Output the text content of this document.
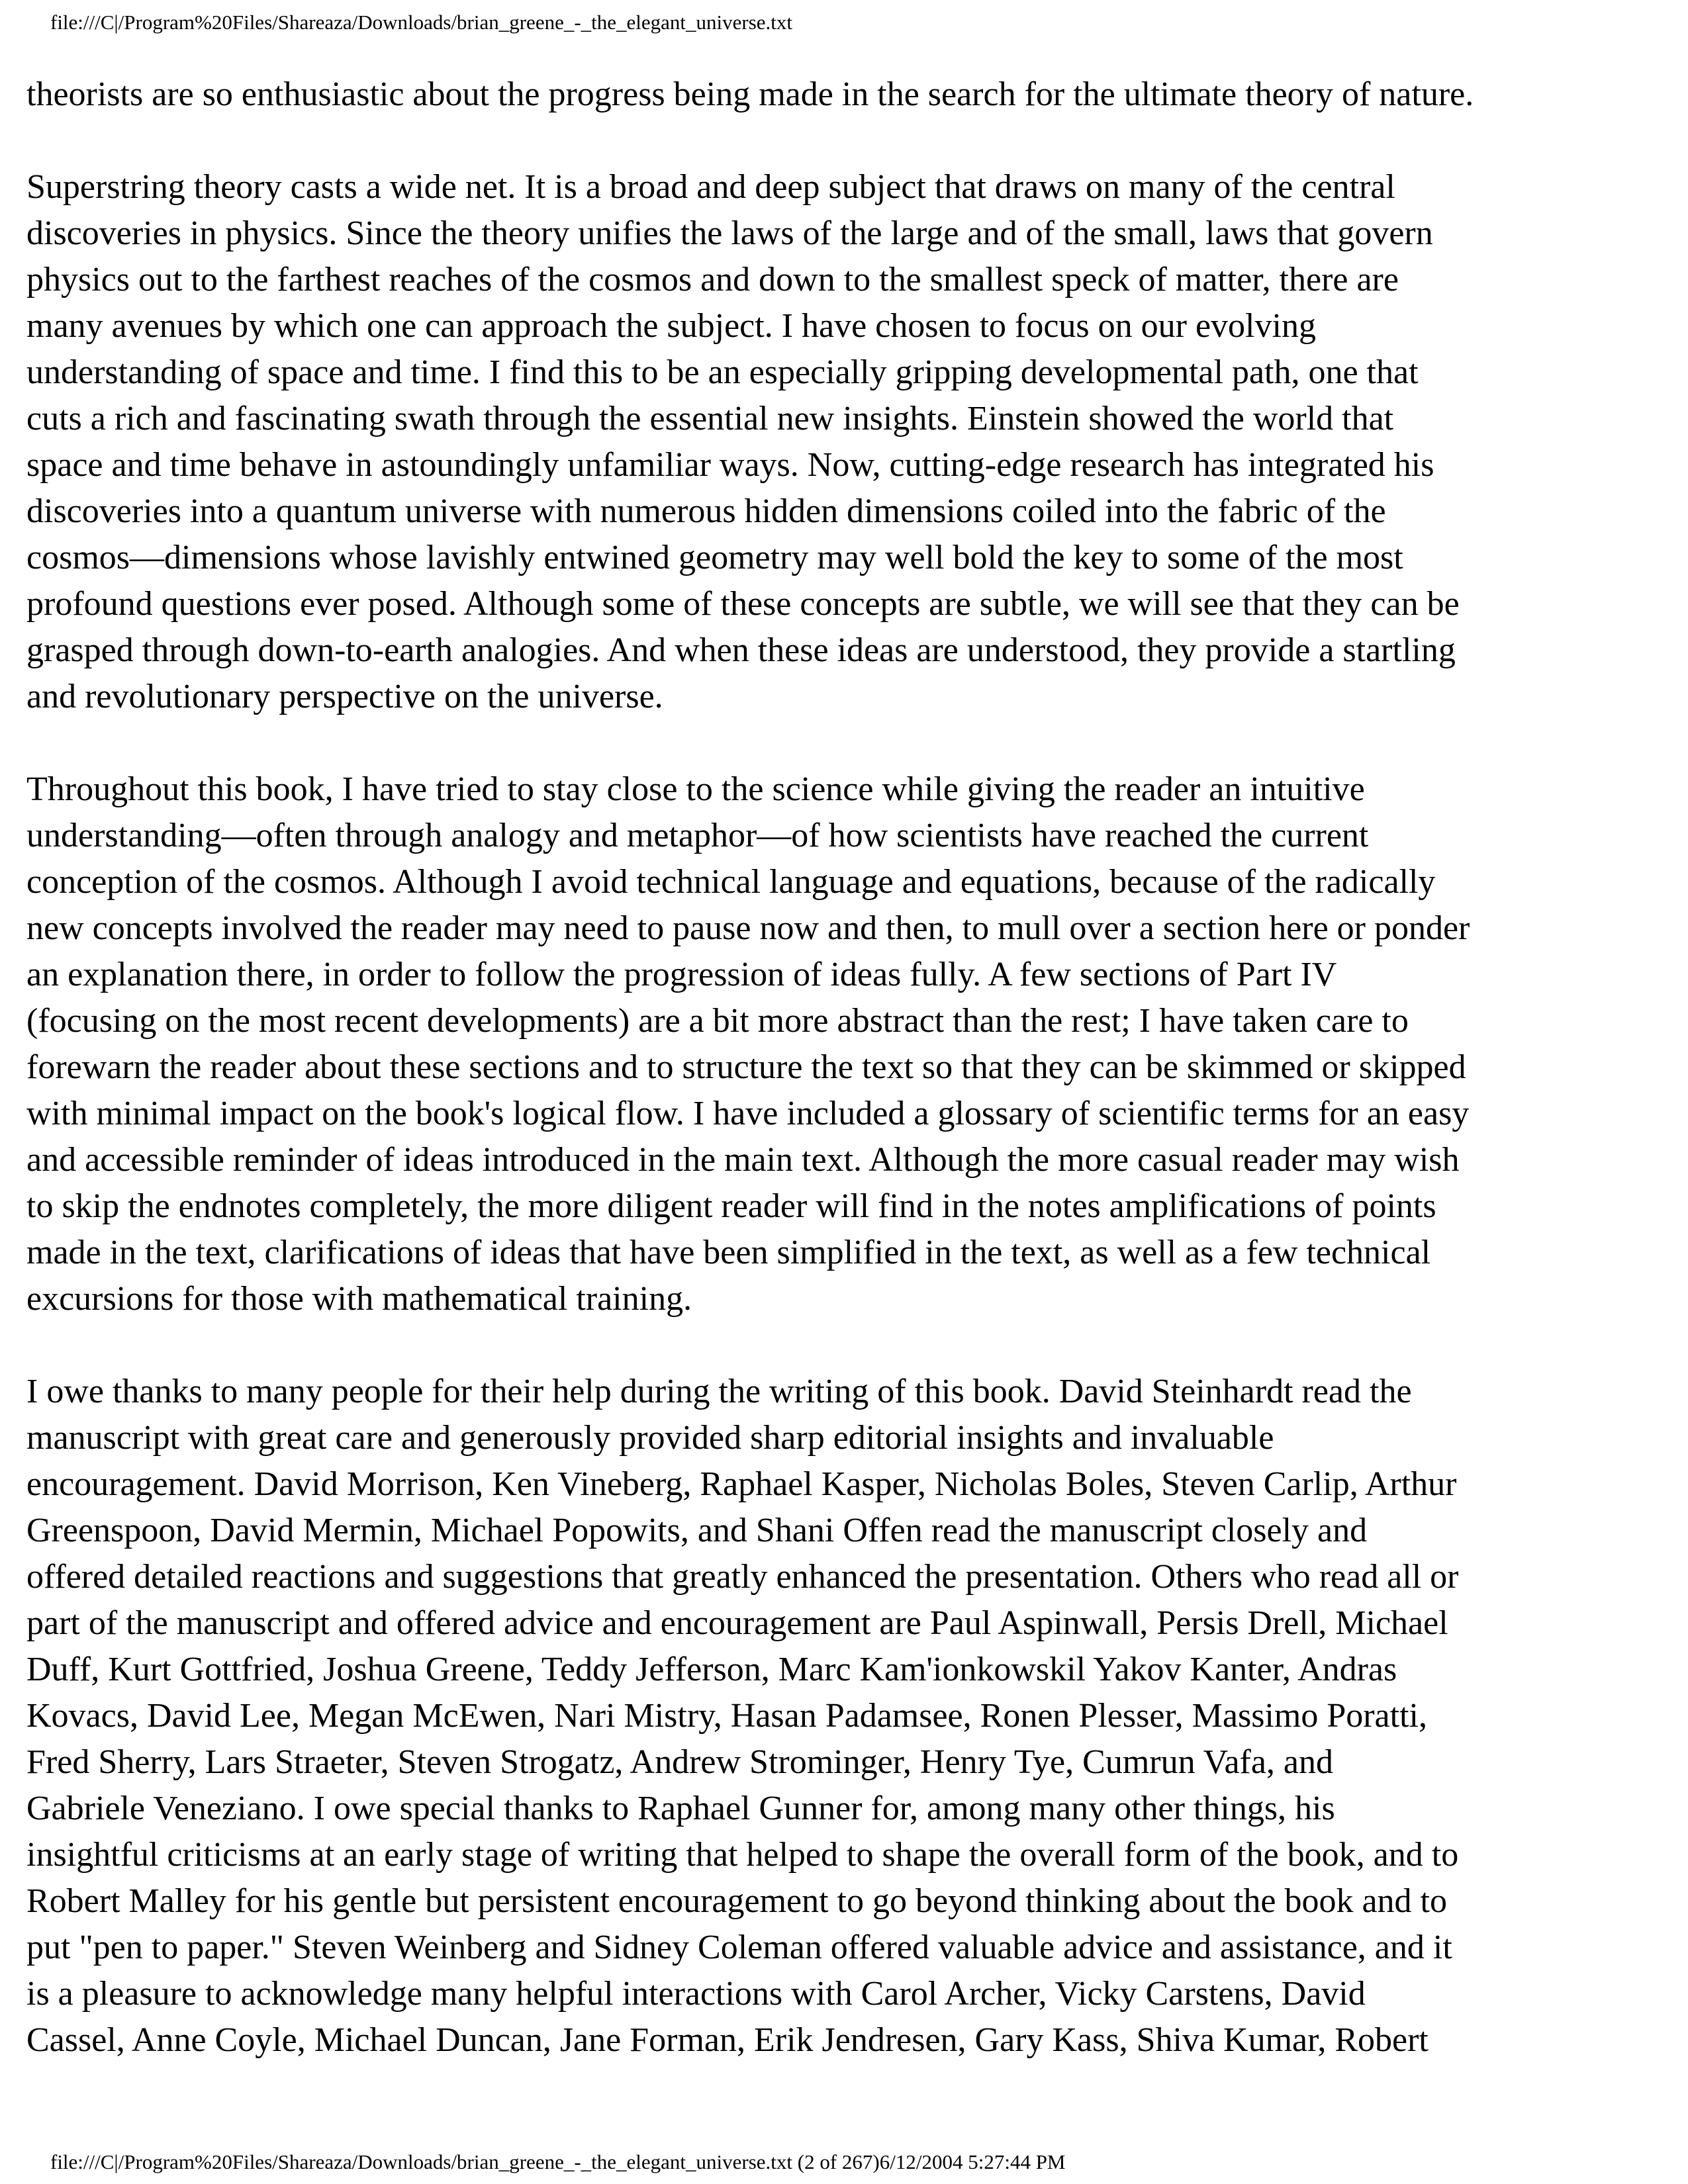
file:///C|/Program%20Files/Shareaza/Downloads/brian_greene_-_the_elegant_universe.txt

theorists are so enthusiastic about the progress being made in the search for the ultimate theory of nature.

Superstring theory casts a wide net. It is a broad and deep subject that draws on many of the central
discoveries in physics. Since the theory unifies the laws of the large and of the small, laws that govern
physics out to the farthest reaches of the cosmos and down to the smallest speck of matter, there are
many avenues by which one can approach the subject. I have chosen to focus on our evolving
understanding of space and time. I find this to be an especially gripping developmental path, one that
cuts a rich and fascinating swath through the essential new insights. Einstein showed the world that
space and time behave in astoundingly unfamiliar ways. Now, cutting-edge research has integrated his
discoveries into a quantum universe with numerous hidden dimensions coiled into the fabric of the
cosmos—dimensions whose lavishly entwined geometry may well bold the key to some of the most
profound questions ever posed. Although some of these concepts are subtle, we will see that they can be
grasped through down-to-earth analogies. And when these ideas are understood, they provide a startling
and revolutionary perspective on the universe.

Throughout this book, I have tried to stay close to the science while giving the reader an intuitive
understanding—often through analogy and metaphor—of how scientists have reached the current
conception of the cosmos. Although I avoid technical language and equations, because of the radically
new concepts involved the reader may need to pause now and then, to mull over a section here or ponder
an explanation there, in order to follow the progression of ideas fully. A few sections of Part IV
(focusing on the most recent developments) are a bit more abstract than the rest; I have taken care to
forewarn the reader about these sections and to structure the text so that they can be skimmed or skipped
with minimal impact on the book's logical flow. I have included a glossary of scientific terms for an easy
and accessible reminder of ideas introduced in the main text. Although the more casual reader may wish
to skip the endnotes completely, the more diligent reader will find in the notes amplifications of points
made in the text, clarifications of ideas that have been simplified in the text, as well as a few technical
excursions for those with mathematical training.

I owe thanks to many people for their help during the writing of this book. David Steinhardt read the
manuscript with great care and generously provided sharp editorial insights and invaluable
encouragement. David Morrison, Ken Vineberg, Raphael Kasper, Nicholas Boles, Steven Carlip, Arthur
Greenspoon, David Mermin, Michael Popowits, and Shani Offen read the manuscript closely and
offered detailed reactions and suggestions that greatly enhanced the presentation. Others who read all or
part of the manuscript and offered advice and encouragement are Paul Aspinwall, Persis Drell, Michael
Duff, Kurt Gottfried, Joshua Greene, Teddy Jefferson, Marc Kam'ionkowskil Yakov Kanter, Andras
Kovacs, David Lee, Megan McEwen, Nari Mistry, Hasan Padamsee, Ronen Plesser, Massimo Poratti,
Fred Sherry, Lars Straeter, Steven Strogatz, Andrew Strominger, Henry Tye, Cumrun Vafa, and
Gabriele Veneziano. I owe special thanks to Raphael Gunner for, among many other things, his
insightful criticisms at an early stage of writing that helped to shape the overall form of the book, and to
Robert Malley for his gentle but persistent encouragement to go beyond thinking about the book and to
put "pen to paper." Steven Weinberg and Sidney Coleman offered valuable advice and assistance, and it
is a pleasure to acknowledge many helpful interactions with Carol Archer, Vicky Carstens, David
Cassel, Anne Coyle, Michael Duncan, Jane Forman, Erik Jendresen, Gary Kass, Shiva Kumar, Robert

file:///C|/Program%20Files/Shareaza/Downloads/brian_greene_-_the_elegant_universe.txt (2 of 267)6/12/2004 5:27:44 PM
